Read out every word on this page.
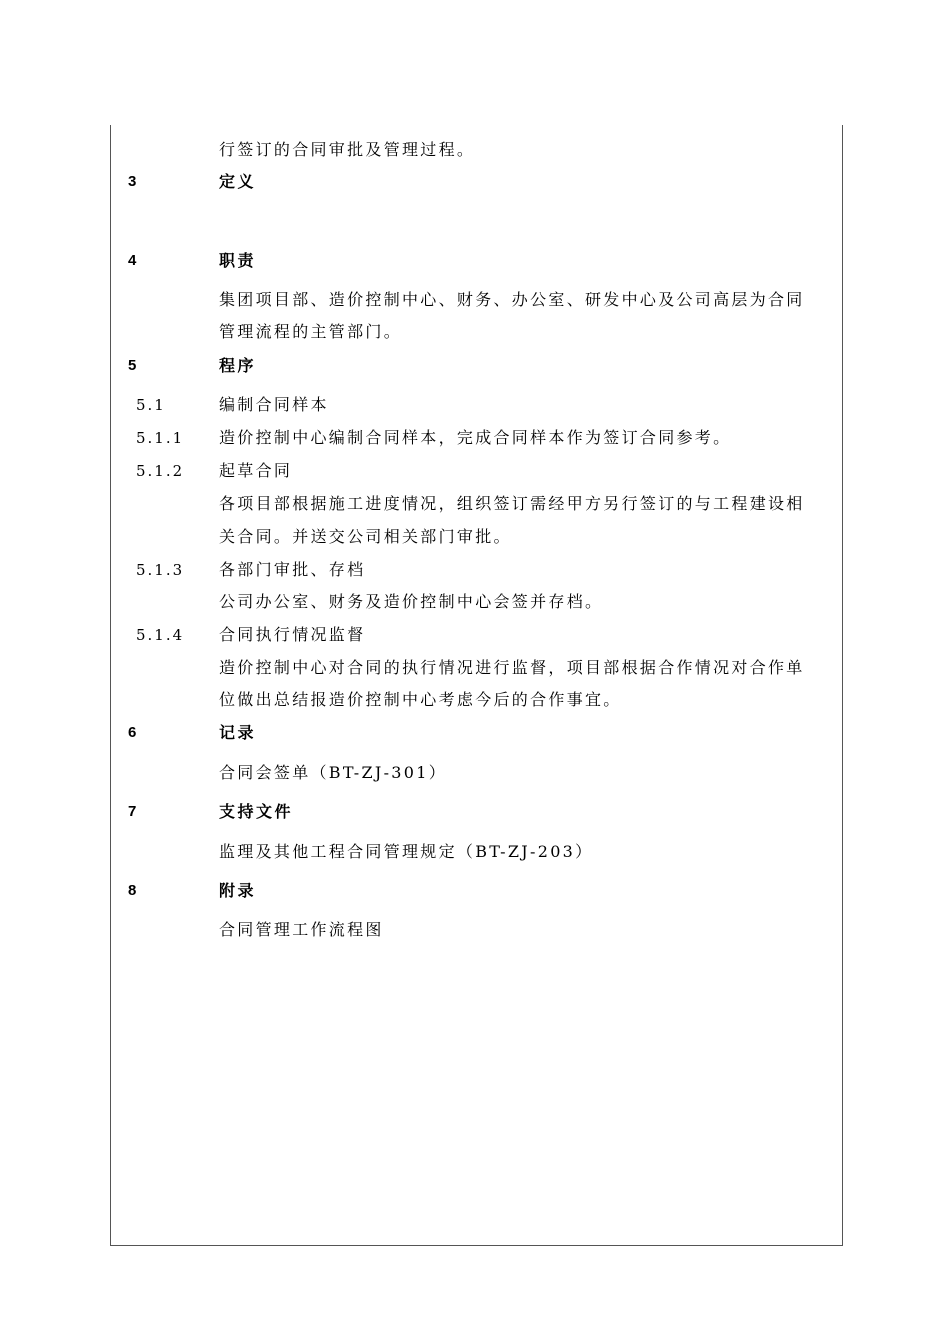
行签订的合同审批及管理过程。
3	定义
4	职责
集团项目部、造价控制中心、财务、办公室、研发中心及公司高层为合同
管理流程的主管部门。
5	程序
5.1	编制合同样本
5.1.1 造价控制中心编制合同样本，完成合同样本作为签订合同参考。
5.1.2 起草合同
各项目部根据施工进度情况，组织签订需经甲方另行签订的与工程建设相
关合同。并送交公司相关部门审批。
5.1.3 各部门审批、存档
公司办公室、财务及造价控制中心会签并存档。
5.1.4 合同执行情况监督
造价控制中心对合同的执行情况进行监督，项目部根据合作情况对合作单
位做出总结报造价控制中心考虑今后的合作事宜。
6	记录
合同会签单（BT-ZJ-301）
7	支持文件
监理及其他工程合同管理规定（BT-ZJ-203）
8	附录
合同管理工作流程图
